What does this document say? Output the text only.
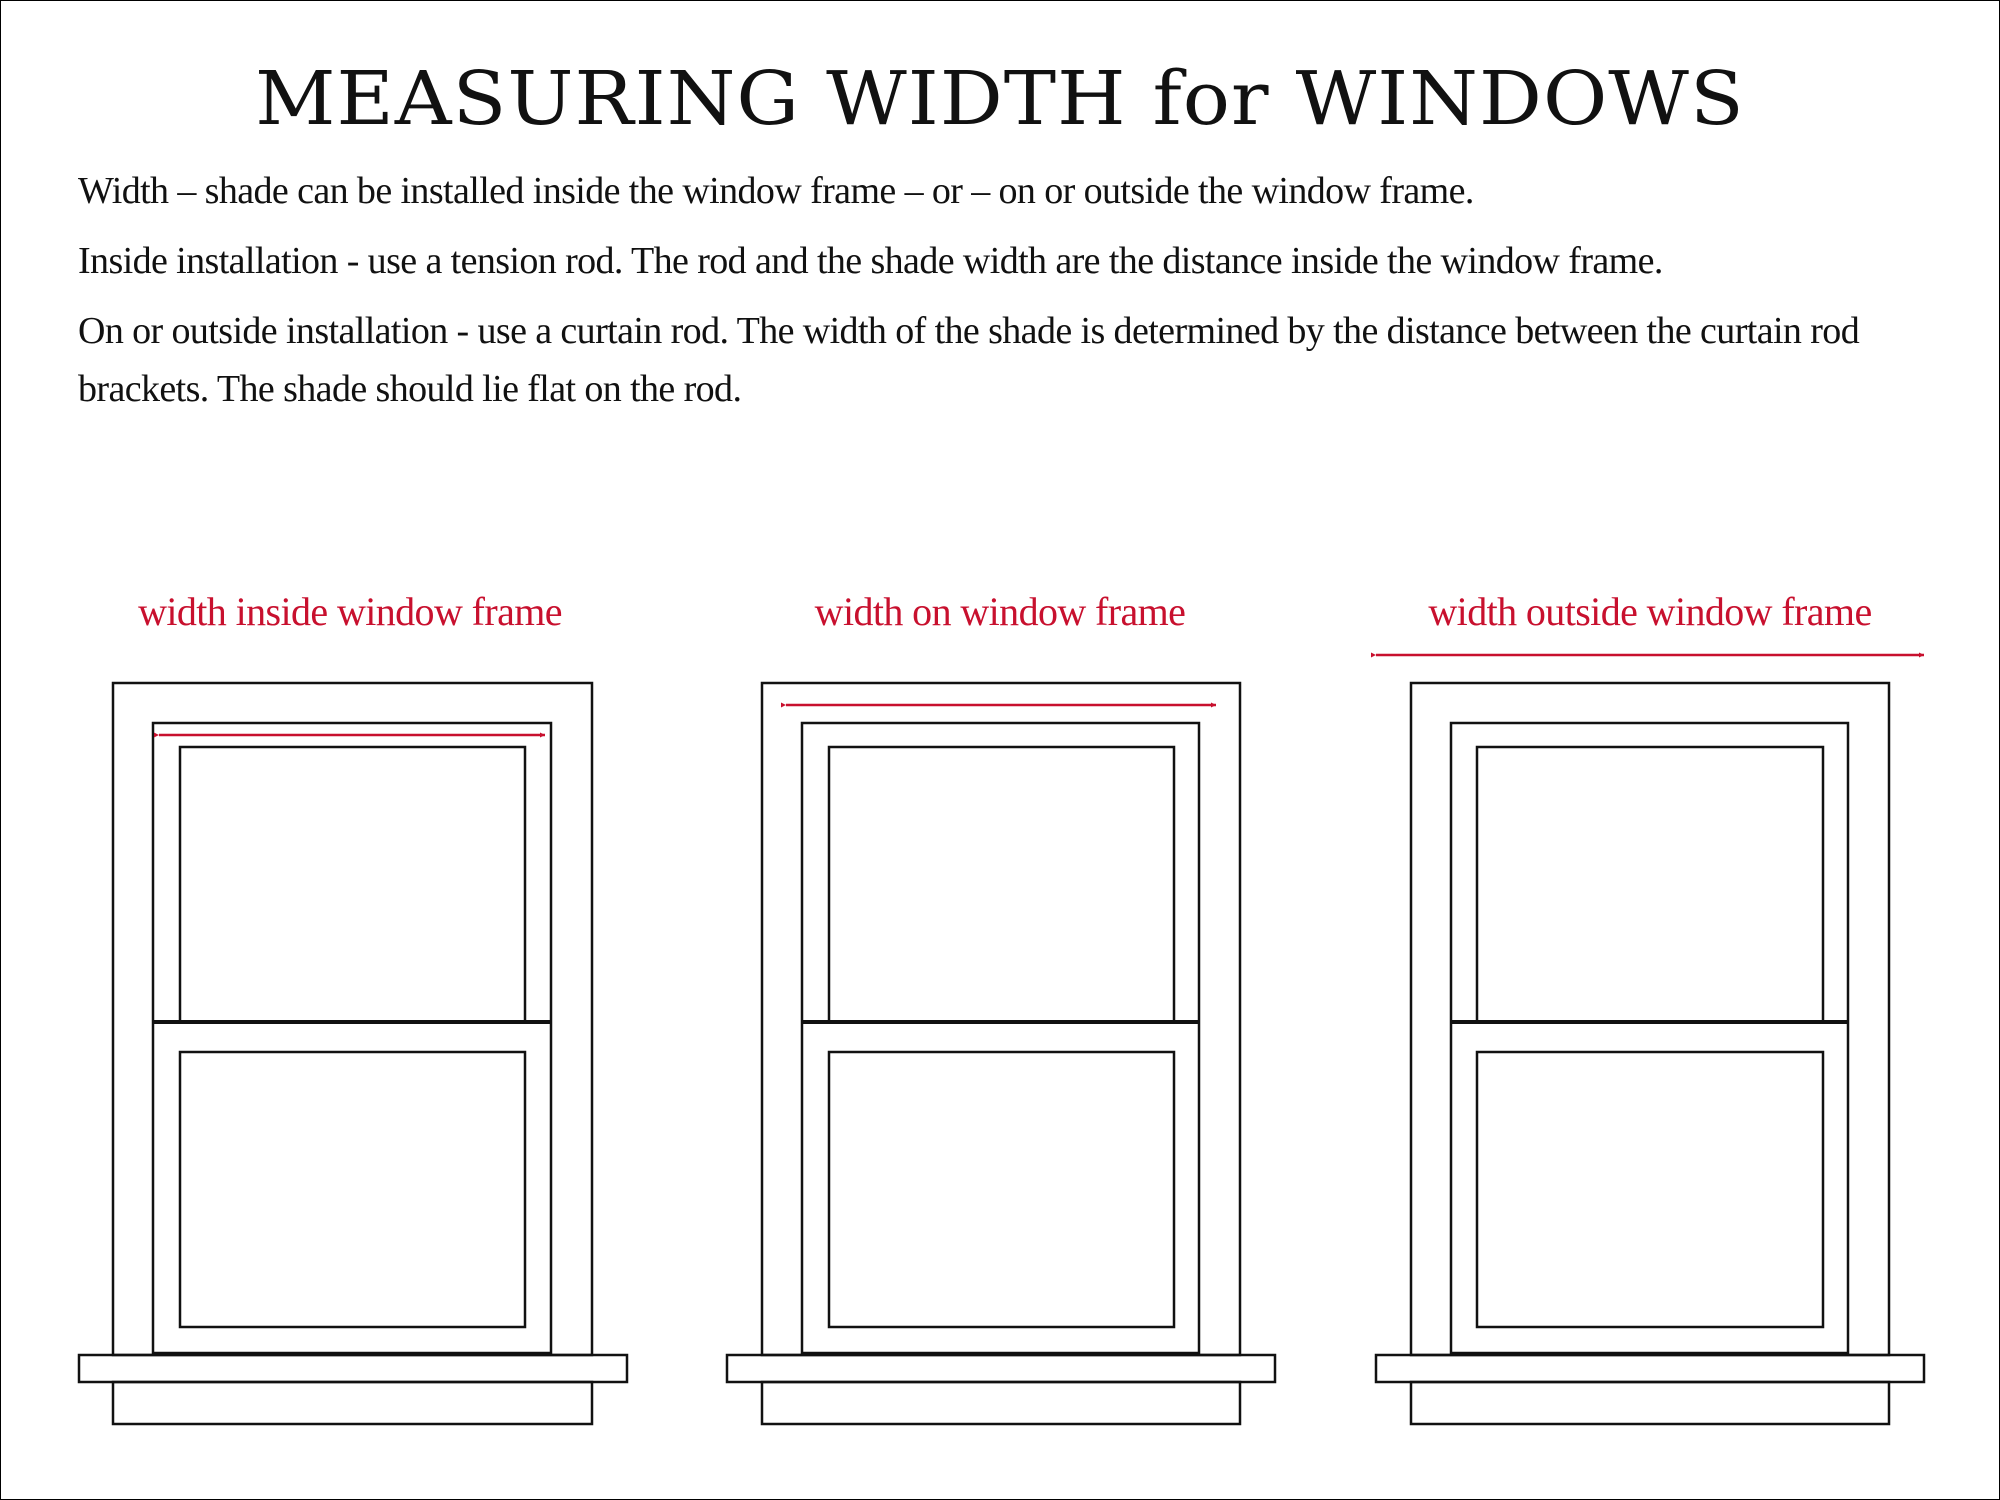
MEASURING WIDTH for WINDOWS

Width – shade can be installed inside the window frame – or – on or outside the window frame.

Inside installation - use a tension rod. The rod and the shade width are the distance inside the window frame.

On or outside installation - use a curtain rod. The width of the shade is determined by the distance between the curtain rod brackets. The shade should lie flat on the rod.

width inside window frame	width on window frame	width outside window frame
